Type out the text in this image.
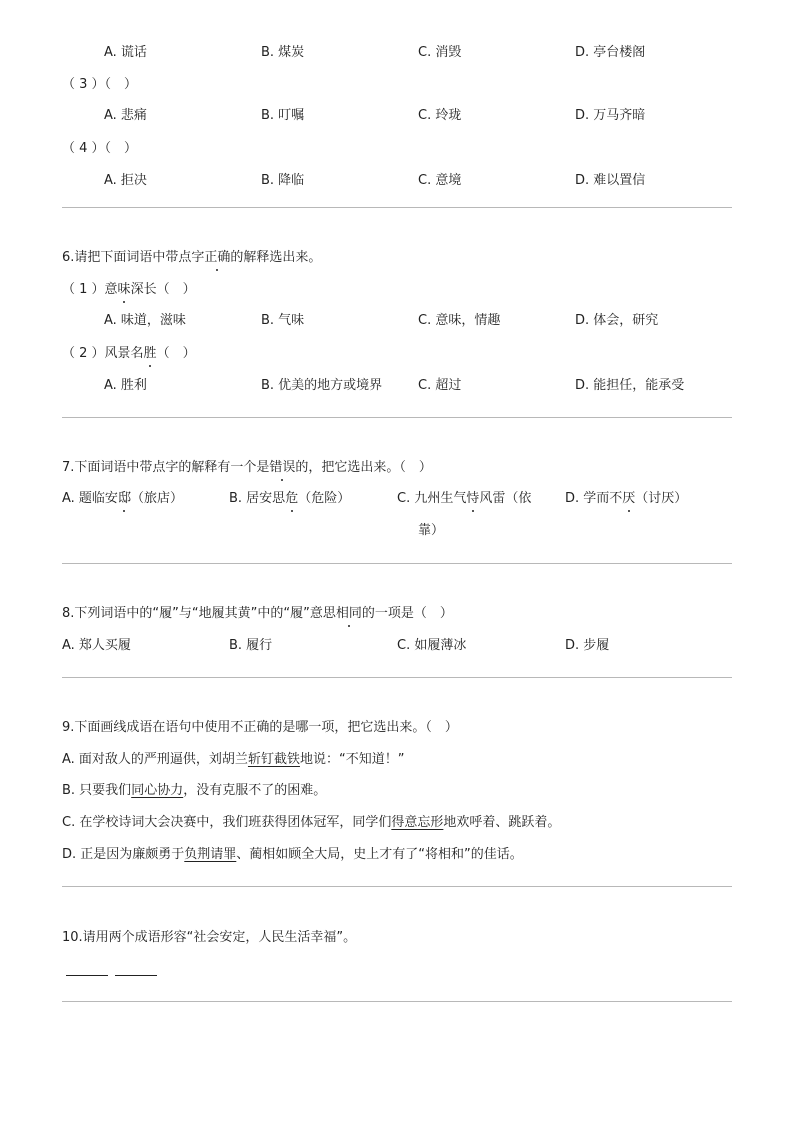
A. 谎话	B. 煤炭	C. 消毁	D. 亭台楼阁
（ 3 ）（　）
A. 悲痛	B. 叮嘱	C. 玲珑	D. 万马齐暗
（ 4 ）（　）
A. 拒决	B. 降临	C. 意境	D. 难以置信
6.请把下面词语中带点字正确的解释选出来。
（ 1 ）意味深长（　）
A. 味道，滋味	B. 气味	C. 意味，情趣	D. 体会，研究
（ 2 ）风景名胜（　）
A. 胜利	B. 优美的地方或境界	C. 超过	D. 能担任，能承受
7.下面词语中带点字的解释有一个是错误的，把它选出来。（　）
A. 题临安邸（旅店）	B. 居安思危（危险）	C. 九州生气恃风雷（依
靠）
D. 学而不厌（讨厌）
8.下列词语中的“履”与“地履其黄”中的“履”意思相同的一项是（　）
A. 郑人买履	B. 履行	C. 如履薄冰	D. 步履
9.下面画线成语在语句中使用不正确的是哪一项，把它选出来。（　）
A. 面对敌人的严刑逼供，刘胡兰斩钉截铁地说：“不知道！”
B. 只要我们同心协力，没有克服不了的困难。
C. 在学校诗词大会决赛中，我们班获得团体冠军，同学们得意忘形地欢呼着、跳跃着。
D. 正是因为廉颇勇于负荆请罪、蔺相如顾全大局，史上才有了“将相和”的佳话。
10.请用两个成语形容“社会安定，人民生活幸福”。
